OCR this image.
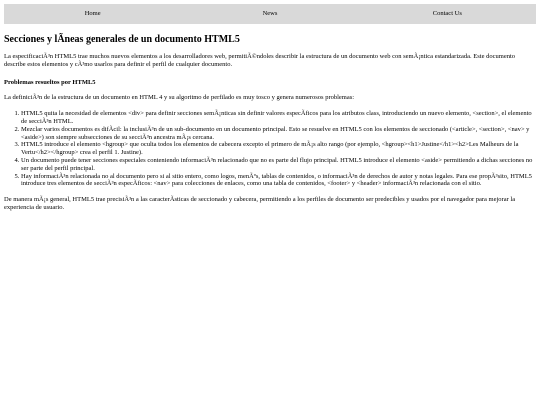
Home	News	Contact Us
Secciones y lÃneas generales de un documento HTML5

La especificaciÃ³n HTML5 trae muchos nuevos elementos a los desarrolladores web, permitiÃ©ndoles describir la estructura de un documento web con semÃ¡ntica estandarizada. Este documento describe estos elementos y cÃ³mo usarlos para definir el perfil de cualquier documento.

Problemas resueltos por HTML5

La definiciÃ³n de la estructura de un documento en HTML 4 y su algoritmo de perfilado es muy tosco y genera numerosos problemas:

1. HTML5 quita la necesidad de elementos <div> para definir secciones semÃ¡nticas sin definir valores especÃficos para los atributos class, introduciendo un nuevo elemento, <section>, el elemento de secciÃ³n HTML.
2. Mezclar varios documentos es difÃcil: la inclusiÃ³n de un sub-documento en un documento principal. Esto se resuelve en HTML5 con los elementos de seccionado (<article>, <section>, <nav> y <aside>) son siempre subsecciones de su secciÃ³n ancestra mÃ¡s cercana.
3. HTML5 introduce el elemento <hgroup> que oculta todos los elementos de cabecera excepto el primero de mÃ¡s alto rango (por ejemplo, <hgroup><h1>Justine</h1><h2>Les Malheurs de la Vertu</h2></hgroup> crea el perfil 1. Justine).
4. Un documento puede tener secciones especiales conteniendo informaciÃ³n relacionado que no es parte del flujo principal. HTML5 introduce el elemento <aside> permitiendo a dichas secciones no ser parte del perfil principal.
5. Hay informaciÃ³n relacionada no al documento pero si al sitio entero, como logos, menÃºs, tablas de contenidos, o informaciÃ³n de derechos de autor y notas legales. Para ese propÃ³sito, HTML5 introduce tres elementos de secciÃ³n especÃficos: <nav> para colecciones de enlaces, como una tabla de contenidos, <footer> y <header> informaciÃ³n relacionada con el sitio.

De manera mÃ¡s general, HTML5 trae precisiÃ³n a las caracterÃsticas de seccionado y cabecera, permitiendo a los perfiles de documento ser predecibles y usados por el navegador para mejorar la experiencia de usuario.
